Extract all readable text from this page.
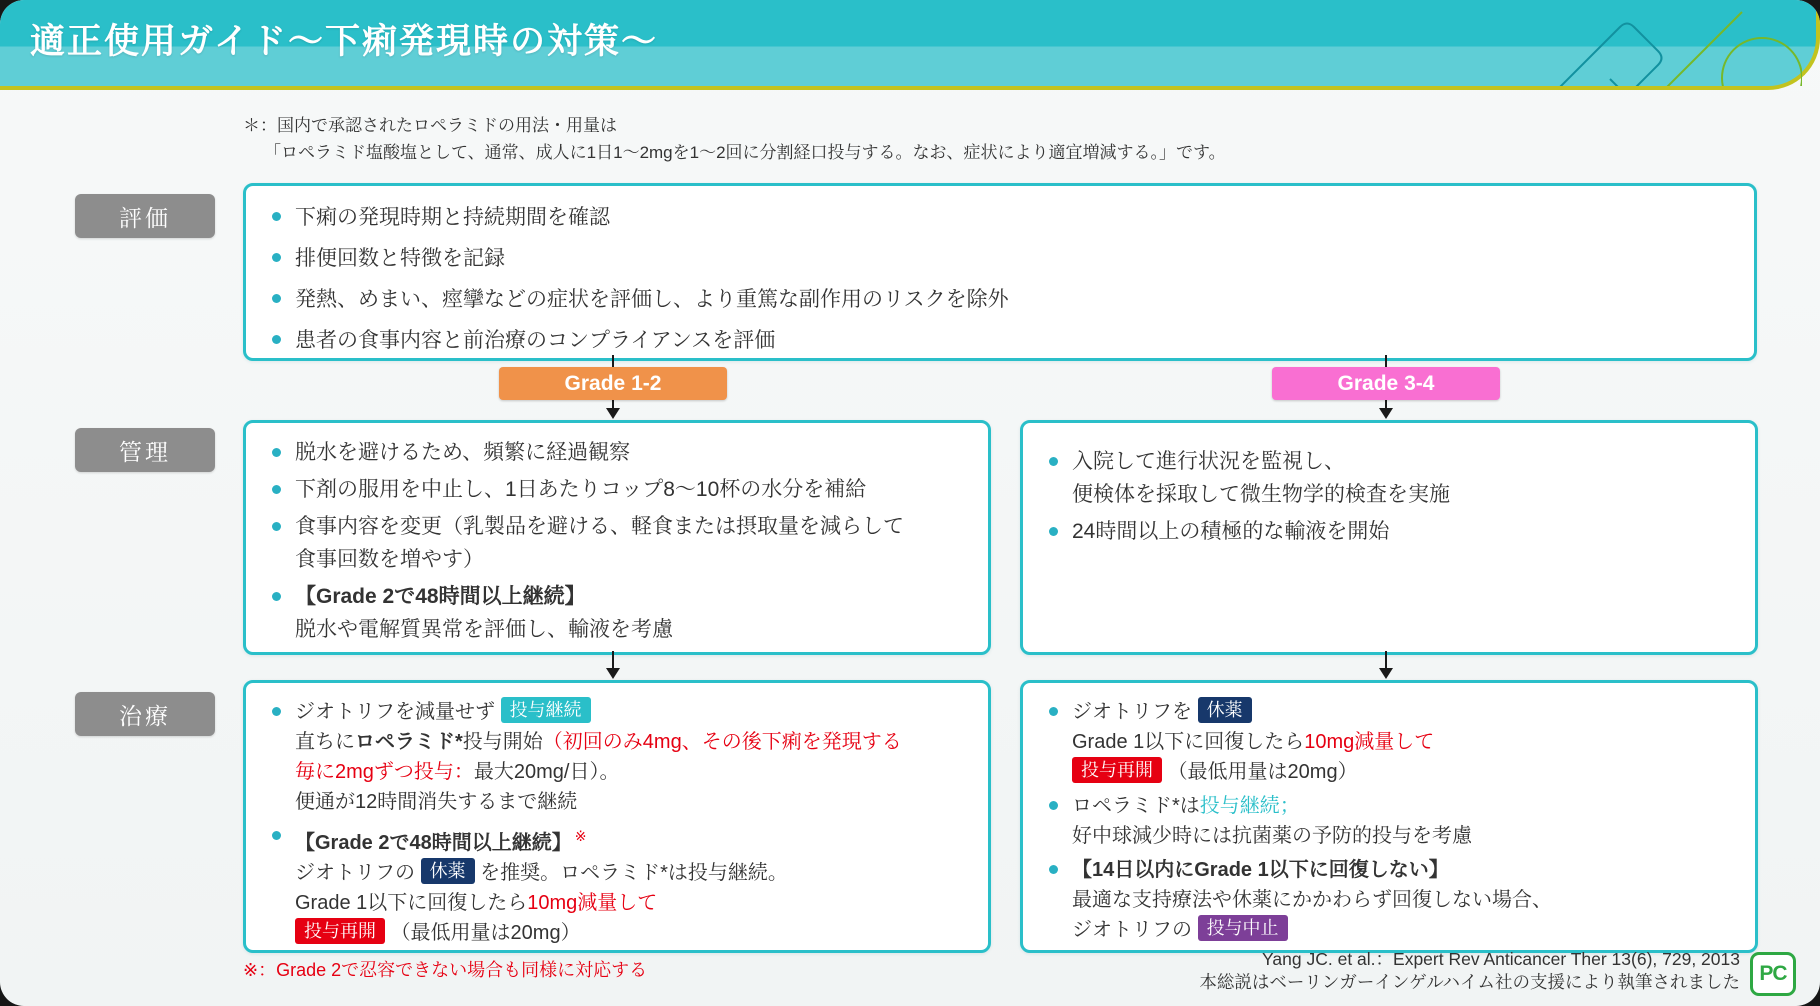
適正使用ガイド〜下痢発現時の対策〜
＊：国内で承認されたロペラミドの用法・用量は
「ロペラミド塩酸塩として、通常、成人に1日1〜2mgを1〜2回に分割経口投与する。なお、症状により適宜増減する。」です。
評価
管理
治療
下痢の発現時期と持続期間を確認
排便回数と特徴を記録
発熱、めまい、痙攣などの症状を評価し、より重篤な副作用のリスクを除外
患者の食事内容と前治療のコンプライアンスを評価
Grade 1-2	Grade 3-4
脱水を避けるため、頻繁に経過観察
下剤の服用を中止し、1日あたりコップ8〜10杯の水分を補給
食事内容を変更（乳製品を避ける、軽食または摂取量を減らして
食事回数を増やす）
【Grade 2で48時間以上継続】
脱水や電解質異常を評価し、輸液を考慮
入院して進行状況を監視し、
便検体を採取して微生物学的検査を実施
24時間以上の積極的な輸液を開始
ジオトリフを減量せず 投与継続
直ちにロペラミド*投与開始（初回のみ4mg、その後下痢を発現する
毎に2mgずつ投与：最大20mg/日）。
便通が12時間消失するまで継続
【Grade 2で48時間以上継続】 ※
ジオトリフの 休薬 を推奨。ロペラミド*は投与継続。
Grade 1以下に回復したら10mg減量して
投与再開 （最低用量は20mg）
ジオトリフを 休薬
Grade 1以下に回復したら10mg減量して
投与再開 （最低用量は20mg）
ロペラミド*は投与継続；
好中球減少時には抗菌薬の予防的投与を考慮
【14日以内にGrade 1以下に回復しない】
最適な支持療法や休薬にかかわらず回復しない場合、
ジオトリフの 投与中止
※：Grade 2で忍容できない場合も同様に対応する
Yang JC. et al.：Expert Rev Anticancer Ther 13(6), 729, 2013
本総説はベーリンガーインゲルハイム社の支援により執筆されました PC
